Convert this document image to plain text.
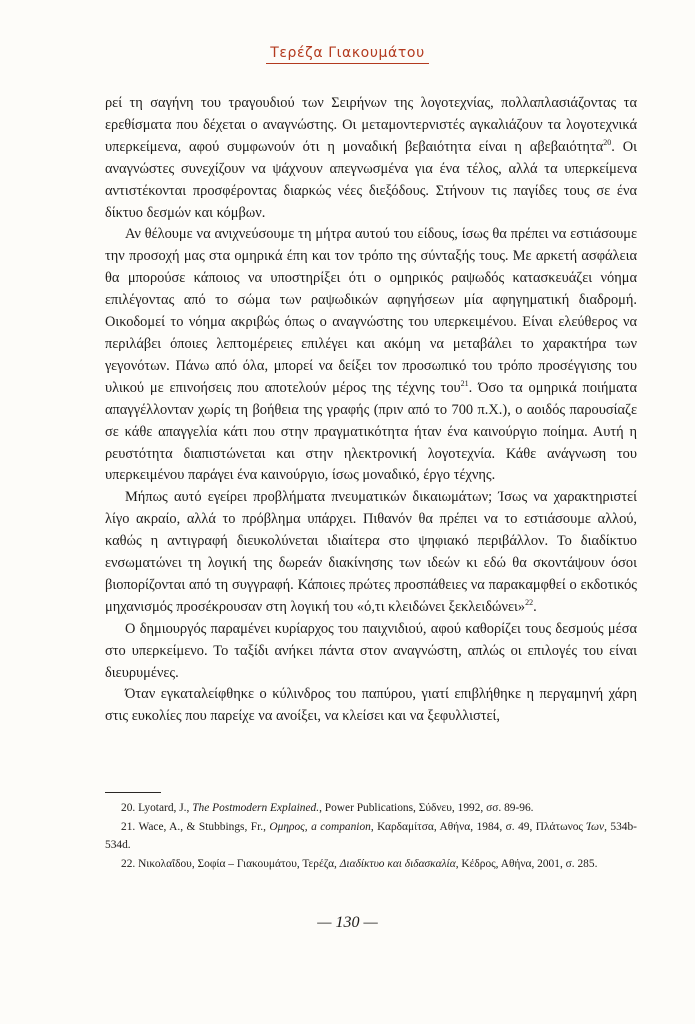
Τερέζα Γιακουμάτου

ρεί τη σαγήνη του τραγουδιού των Σειρήνων της λογοτεχνίας, πολλαπλασιάζοντας τα ερεθίσματα που δέχεται ο αναγνώστης. Οι μεταμοντερνιστές αγκαλιάζουν τα λογοτεχνικά υπερκείμενα, αφού συμφωνούν ότι η μοναδική βεβαιότητα είναι η αβεβαιότητα$^{20}$. Οι αναγνώστες συνεχίζουν να ψάχνουν απεγνωσμένα για ένα τέλος, αλλά τα υπερκείμενα αντιστέκονται προσφέροντας διαρκώς νέες διεξόδους. Στήνουν τις παγίδες τους σε ένα δίκτυο δεσμών και κόμβων.

Αν θέλουμε να ανιχνεύσουμε τη μήτρα αυτού του είδους, ίσως θα πρέπει να εστιάσουμε την προσοχή μας στα ομηρικά έπη και τον τρόπο της σύνταξής τους. Με αρκετή ασφάλεια θα μπορούσε κάποιος να υποστηρίξει ότι ο ομηρικός ραψωδός κατασκευάζει νόημα επιλέγοντας από το σώμα των ραψωδικών αφηγήσεων μία αφηγηματική διαδρομή. Οικοδομεί το νόημα ακριβώς όπως ο αναγνώστης του υπερκειμένου. Είναι ελεύθερος να περιλάβει όποιες λεπτομέρειες επιλέγει και ακόμη να μεταβάλει το χαρακτήρα των γεγονότων. Πάνω από όλα, μπορεί να δείξει τον προσωπικό του τρόπο προσέγγισης του υλικού με επινοήσεις που αποτελούν μέρος της τέχνης του$^{21}$. Όσο τα ομηρικά ποιήματα απαγγέλλονταν χωρίς τη βοήθεια της γραφής (πριν από το 700 π.Χ.), ο αοιδός παρουσίαζε σε κάθε απαγγελία κάτι που στην πραγματικότητα ήταν ένα καινούργιο ποίημα. Αυτή η ρευστότητα διαπιστώνεται και στην ηλεκτρονική λογοτεχνία. Κάθε ανάγνωση του υπερκειμένου παράγει ένα καινούργιο, ίσως μοναδικό, έργο τέχνης.

Μήπως αυτό εγείρει προβλήματα πνευματικών δικαιωμάτων; Ίσως να χαρακτηριστεί λίγο ακραίο, αλλά το πρόβλημα υπάρχει. Πιθανόν θα πρέπει να το εστιάσουμε αλλού, καθώς η αντιγραφή διευκολύνεται ιδιαίτερα στο ψηφιακό περιβάλλον. Το διαδίκτυο ενσωματώνει τη λογική της δωρεάν διακίνησης των ιδεών κι εδώ θα σκοντάψουν όσοι βιοπορίζονται από τη συγγραφή. Κάποιες πρώτες προσπάθειες να παρακαμφθεί ο εκδοτικός μηχανισμός προσέκρουσαν στη λογική του «ό,τι κλειδώνει ξεκλειδώνει»$^{22}$.

Ο δημιουργός παραμένει κυρίαρχος του παιχνιδιού, αφού καθορίζει τους δεσμούς μέσα στο υπερκείμενο. Το ταξίδι ανήκει πάντα στον αναγνώστη, απλώς οι επιλογές του είναι διευρυμένες.

Όταν εγκαταλείφθηκε ο κύλινδρος του παπύρου, γιατί επιβλήθηκε η περγαμηνή χάρη στις ευκολίες που παρείχε να ανοίξει, να κλείσει και να ξεφυλλιστεί,

20. Lyotard, J., The Postmodern Explained., Power Publications, Σύδνευ, 1992, σσ. 89-96.

21. Wace, A., & Stubbings, Fr., Ομηρος, a companion, Καρδαμίτσα, Αθήνα, 1984, σ. 49, Πλάτωνος Ίων, 534b-534d.

22. Νικολαΐδου, Σοφία – Γιακουμάτου, Τερέζα, Διαδίκτυο και διδασκαλία, Κέδρος, Αθήνα, 2001, σ. 285.

— 130 —
